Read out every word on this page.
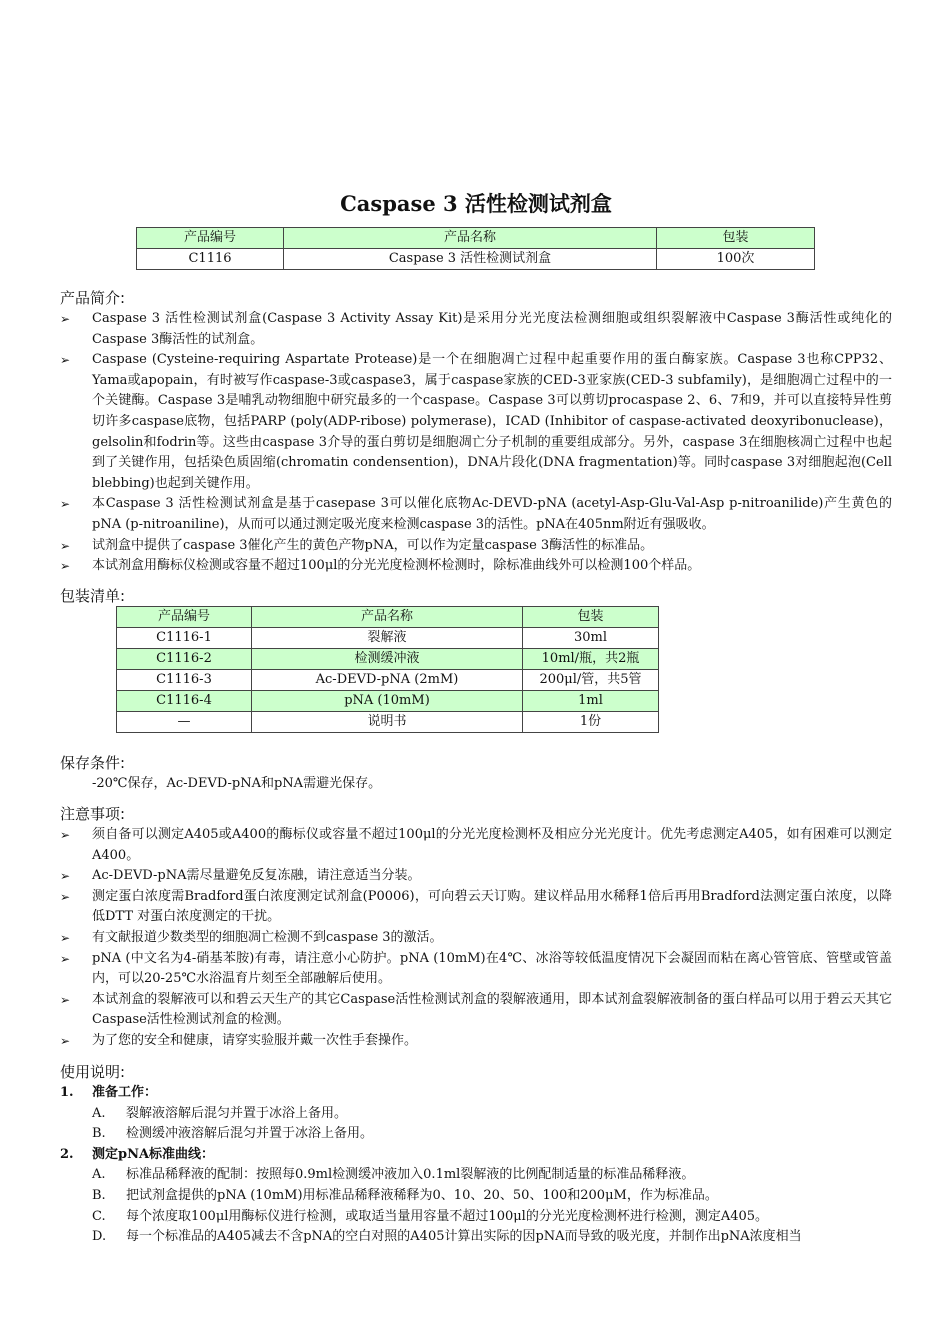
Caspase 3 活性检测试剂盒
产品编号	产品名称	包装
C1116	Caspase 3 活性检测试剂盒	100次
产品简介:
➢ Caspase 3 活性检测试剂盒(Caspase 3 Activity Assay Kit)是采用分光光度法检测细胞或组织裂解液中Caspase 3酶活性或纯化的Caspase 3酶活性的试剂盒。
➢ Caspase (Cysteine-requiring Aspartate Protease)是一个在细胞凋亡过程中起重要作用的蛋白酶家族。Caspase 3也称CPP32、Yama或apopain，有时被写作caspase-3或caspase3，属于caspase家族的CED-3亚家族(CED-3 subfamily)，是细胞凋亡过程中的一个关键酶。Caspase 3是哺乳动物细胞中研究最多的一个caspase。Caspase 3可以剪切procaspase 2、6、7和9，并可以直接特异性剪切许多caspase底物，包括PARP (poly(ADP-ribose) polymerase)，ICAD (Inhibitor of caspase-activated deoxyribonuclease)，gelsolin和fodrin等。这些由caspase 3介导的蛋白剪切是细胞凋亡分子机制的重要组成部分。另外，caspase 3在细胞核凋亡过程中也起到了关键作用，包括染色质固缩(chromatin condensention)，DNA片段化(DNA fragmentation)等。同时caspase 3对细胞起泡(Cell blebbing)也起到关键作用。
➢ 本Caspase 3 活性检测试剂盒是基于casepase 3可以催化底物Ac-DEVD-pNA (acetyl-Asp-Glu-Val-Asp p-nitroanilide)产生黄色的pNA (p-nitroaniline)，从而可以通过测定吸光度来检测caspase 3的活性。pNA在405nm附近有强吸收。
➢ 试剂盒中提供了caspase 3催化产生的黄色产物pNA，可以作为定量caspase 3酶活性的标准品。
➢ 本试剂盒用酶标仪检测或容量不超过100μl的分光光度检测杯检测时，除标准曲线外可以检测100个样品。
包装清单:
产品编号	产品名称	包装
C1116-1	裂解液	30ml
C1116-2	检测缓冲液	10ml/瓶，共2瓶
C1116-3	Ac-DEVD-pNA (2mM)	200μl/管，共5管
C1116-4	pNA (10mM)	1ml
—	说明书	1份
保存条件:
-20℃保存，Ac-DEVD-pNA和pNA需避光保存。
注意事项:
➢ 须自备可以测定A405或A400的酶标仪或容量不超过100μl的分光光度检测杯及相应分光光度计。优先考虑测定A405，如有困难可以测定A400。
➢ Ac-DEVD-pNA需尽量避免反复冻融，请注意适当分装。
➢ 测定蛋白浓度需Bradford蛋白浓度测定试剂盒(P0006)，可向碧云天订购。建议样品用水稀释1倍后再用Bradford法测定蛋白浓度，以降低DTT 对蛋白浓度测定的干扰。
➢ 有文献报道少数类型的细胞凋亡检测不到caspase 3的激活。
➢ pNA (中文名为4-硝基苯胺)有毒，请注意小心防护。pNA (10mM)在4℃、冰浴等较低温度情况下会凝固而粘在离心管管底、管壁或管盖内，可以20-25℃水浴温育片刻至全部融解后使用。
➢ 本试剂盒的裂解液可以和碧云天生产的其它Caspase活性检测试剂盒的裂解液通用，即本试剂盒裂解液制备的蛋白样品可以用于碧云天其它Caspase活性检测试剂盒的检测。
➢ 为了您的安全和健康，请穿实验服并戴一次性手套操作。
使用说明:
1. 准备工作：
A. 裂解液溶解后混匀并置于冰浴上备用。
B. 检测缓冲液溶解后混匀并置于冰浴上备用。
2. 测定pNA标准曲线：
A. 标准品稀释液的配制：按照每0.9ml检测缓冲液加入0.1ml裂解液的比例配制适量的标准品稀释液。
B. 把试剂盒提供的pNA (10mM)用标准品稀释液稀释为0、10、20、50、100和200μM，作为标准品。
C. 每个浓度取100μl用酶标仪进行检测，或取适当量用容量不超过100μl的分光光度检测杯进行检测，测定A405。
D. 每一个标准品的A405减去不含pNA的空白对照的A405计算出实际的因pNA而导致的吸光度，并制作出pNA浓度相当
